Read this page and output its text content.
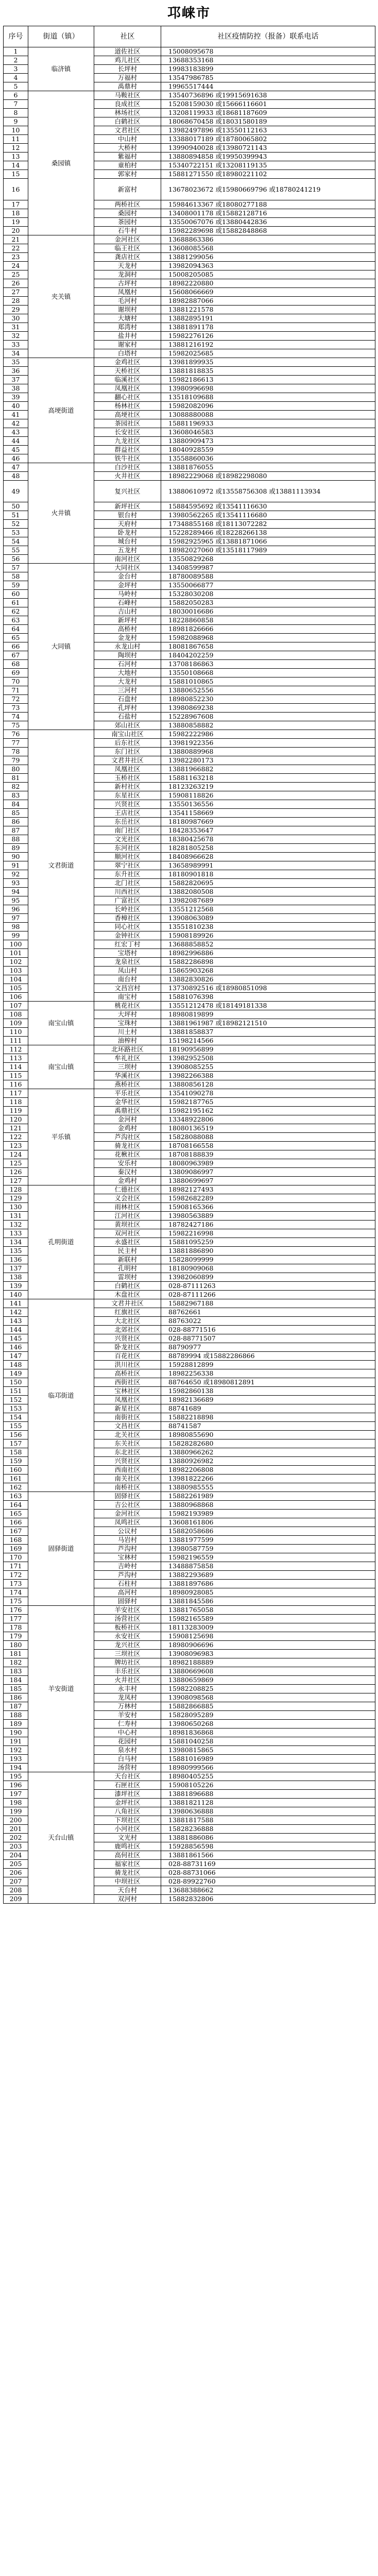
邛崃市
序号	街道（镇）	社区	社区疫情防控（报备）联系电话
1	临济镇	道佐社区	15008095678
2		鸡儿社区	13688353168
3		长坪村	19983183899
4		万福村	13547986785
5		禹鼎村	19965517444
6	桑园镇	马鞍社区	13540736896 或19915691638
7		良成社区	15208159030 或15666116601
8		林场社区	13208119933 或18681187609
9		白鹤社区	18068670458 或18031580189
10		文君社区	13982497896 或13550112163
11		中山村	13388017189 或18780065802
12		大桥村	13990940028 或13980721143
13		紫福村	13880894858 或19950399943
14		童柏村	15340722151 或13208119135
15		郭家村	15881271550 或18980221102
16		新富村	13678023672 或15980669796 或18780241219
17		两桥社区	15984613367 或18080277188
18		桑园村	13408001178 或15882128716
19		茶园村	13550067076 或13880442836
20		石牛村	15982289698 或15882848868
21	夹关镇	金河社区	13688863386
22		临王社区	13608085568
23		龚店社区	13881299056
24		天龙村	13982094363
25		龙洞村	15008205085
26		古坪村	18982220880
27		凤凰村	15608066669
28		毛河村	18982887066
29		谢坝村	13881221578
30		大塘村	13882895191
31		郑湾村	13881891178
32		盐井村	15982276126
33		谢家村	13881216192
34		白塔村	15982025685
35	高埂街道	金鸡社区	13981899935
36		天桥社区	13881818835
37		临溪社区	15982186613
38		凤凰社区	13980996698
39		翻心社区	13518109688
40		杨林社区	15982082096
41		高埂社区	13088880088
42		茶园社区	15881196933
43		长安社区	13608046583
44		九龙社区	13880909473
45		群益社区	18040928559
46		铁牛社区	13558860036
47	火井镇	白沙社区	13881876055
48		火井社区	18982229068 或18982298080
49		复兴社区	13880610972 或13558756308 或13881113934
50		新坪社区	15884595692 或13541116630
51		银台村	13980562265 或13541116680
52		天府村	17348855168 或18113072282
53		卧龙村	15228289466 或18228266138
54		城台村	15982925965 或13881871066
55		五龙村	18982027060 或13518117989
56		南河社区	13550829268
57	大同镇	大同社区	13408599987
58		金台村	18780089588
59		金坪村	13550066877
60		马岭村	15328030208
61		石峰村	15882050283
62		吉山村	18030016686
63		新坪村	18228860858
64		高桥村	18981826666
65		金龙村	15982088968
66		永龙山村	18081867658
67		陶坝村	18404202259
68		石河村	13708186863
69		大地村	13550108668
70		大龙村	15881010865
71		三河村	13880652556
72		石盘村	18980852230
73		孔坪村	13980869238
74		石盐村	15228967608
75		郊山社区	13880858882
76	文君街道	南宝山社区	15982222986
77		后东社区	13981922356
78		东门社区	13880889968
79		文君井社区	13982280173
80		凤凰社区	13881966882
81		玉桥社区	15881163218
82		新村社区	18123263219
83		东星社区	15908118826
84		兴贤社区	13550136556
85		王店社区	13541158669
86		东岳社区	18180987669
87		南门社区	18428353647
88		文光社区	18380425678
89		东河社区	18281805258
90		顺河社区	18408966628
91		翠宁社区	13658989991
92		东升社区	18180901818
93		北门社区	15882820695
94		川西社区	13882080508
95		广富社区	13982087689
96		长岭社区	13551212568
97		香樟社区	13908063089
98		同心社区	13551810238
99		金钟社区	15908189926
100		红宏丁村	13688858852
101		宝塔村	18982996886
102		龙泉社区	15882286898
103		凤山村	15865903268
104		南台村	13882830826
105		文昌宫村	13730892516 或18980851098
106		南宝村	15881076398
107	南宝山镇	桃花社区	13551212478 或18149181338
108		大坪村	18980819899
109		宝珠村	13881961987 或18982121510
110		川土村	13881858837
111		油榨村	15198214566
112	南宝山镇	北环路社区	18190956899
113		牟礼社区	13982952508
114		三坝村	13908085255
115		华溪社区	13982266388
116		燕桥社区	13880856128
117	平乐镇	平乐社区	13541090278
118		金华社区	15982187765
119		禹鼎社区	15982195162
120		金河村	13348922806
121		金鸡村	18080136519
122		芦沟社区	15828088088
123		骑龙社区	18708166558
124		花楸社区	18708188839
125		安乐村	18080963989
126		秦汉村	13809086997
127		金鸡村	13880699697
128	孔明街道	仁德社区	18982127493
129		义会社区	15982682289
130		雨林社区	15908165366
131		江河社区	13980563889
132		黄坝社区	18782427186
133		双河社区	15982216998
134		永盛社区	15881095259
135		民主村	13881886890
136		新联村	15828099999
137		孔明村	18180909068
138		雷坝村	13982060899
139		白鹤社区	028-87111263
140		木盘社区	028-87111266
141	临邛街道	文君井社区	15882967188
142		红旗社区	88762661
143		大北社区	88763022
144		北郊社区	028-88771516
145		兴贤社区	028-88771507
146		卧龙社区	88790977
147		百花社区	88789994 或15882286866
148		洪川社区	15928812899
149		高桥社区	18982256338
150		西街社区	88764650 或18980812891
151		宝林社区	15982860138
152		凤凰社区	18982136689
153		新星社区	88741689
154		南街社区	15882218898
155		文昌社区	88741587
156		北关社区	18980855690
157		东关社区	15828282680
158		东北社区	13880966262
159		兴贤社区	13880926982
160		西南社区	18982206808
161		南关社区	13981822266
162		南桥社区	13880985555
163	固驿街道	固驿社区	15882261989
164		吉公社区	13880968868
165		金河社区	15982193989
166		凤鸣社区	13608161806
167		公议村	15882058686
168		马岩村	13881977599
169		芦沟村	13980587759
170		宝林村	15982196559
171		吉岭村	13488875858
172		芦沟村	13882293689
173		石柱村	13881897686
174		高河村	18980928085
175		固驿村	13881845586
176	羊安街道	羊安社区	13881765058
177		汤营社区	15982165589
178		板桥社区	18113283009
179		永安社区	15908125698
180		龙兴社区	18980906696
181		三坝社区	13908096983
182		牌坊社区	18982188889
183		丰乐社区	13880669608
184		火井社区	13880659869
185		永丰村	15982208825
186		龙凤村	13908098568
187		万林村	15882866885
188		羊安村	15828095289
189		仁寿村	13980650268
190		中心村	18981836868
191		花园村	15881040258
192		泉水村	13980815865
193		白马村	15881016989
194		汤营村	18980999566
195	天台山镇	天台社区	18980405255
196		石匣社区	15908105226
197		漆坪社区	13881896688
198		金坪社区	13881821128
199		八角社区	13980636888
200		下坝社区	13881817588
201		小河社区	15828236888
202		文光村	13881886086
203		鹿鸣社区	15928856598
204		高何社区	13881861566
205		福家社区	028-88731169
206		骑龙社区	028-88731066
207		中坝社区	028-89922760
208		天台村	13688388662
209		双河村	15882832806
